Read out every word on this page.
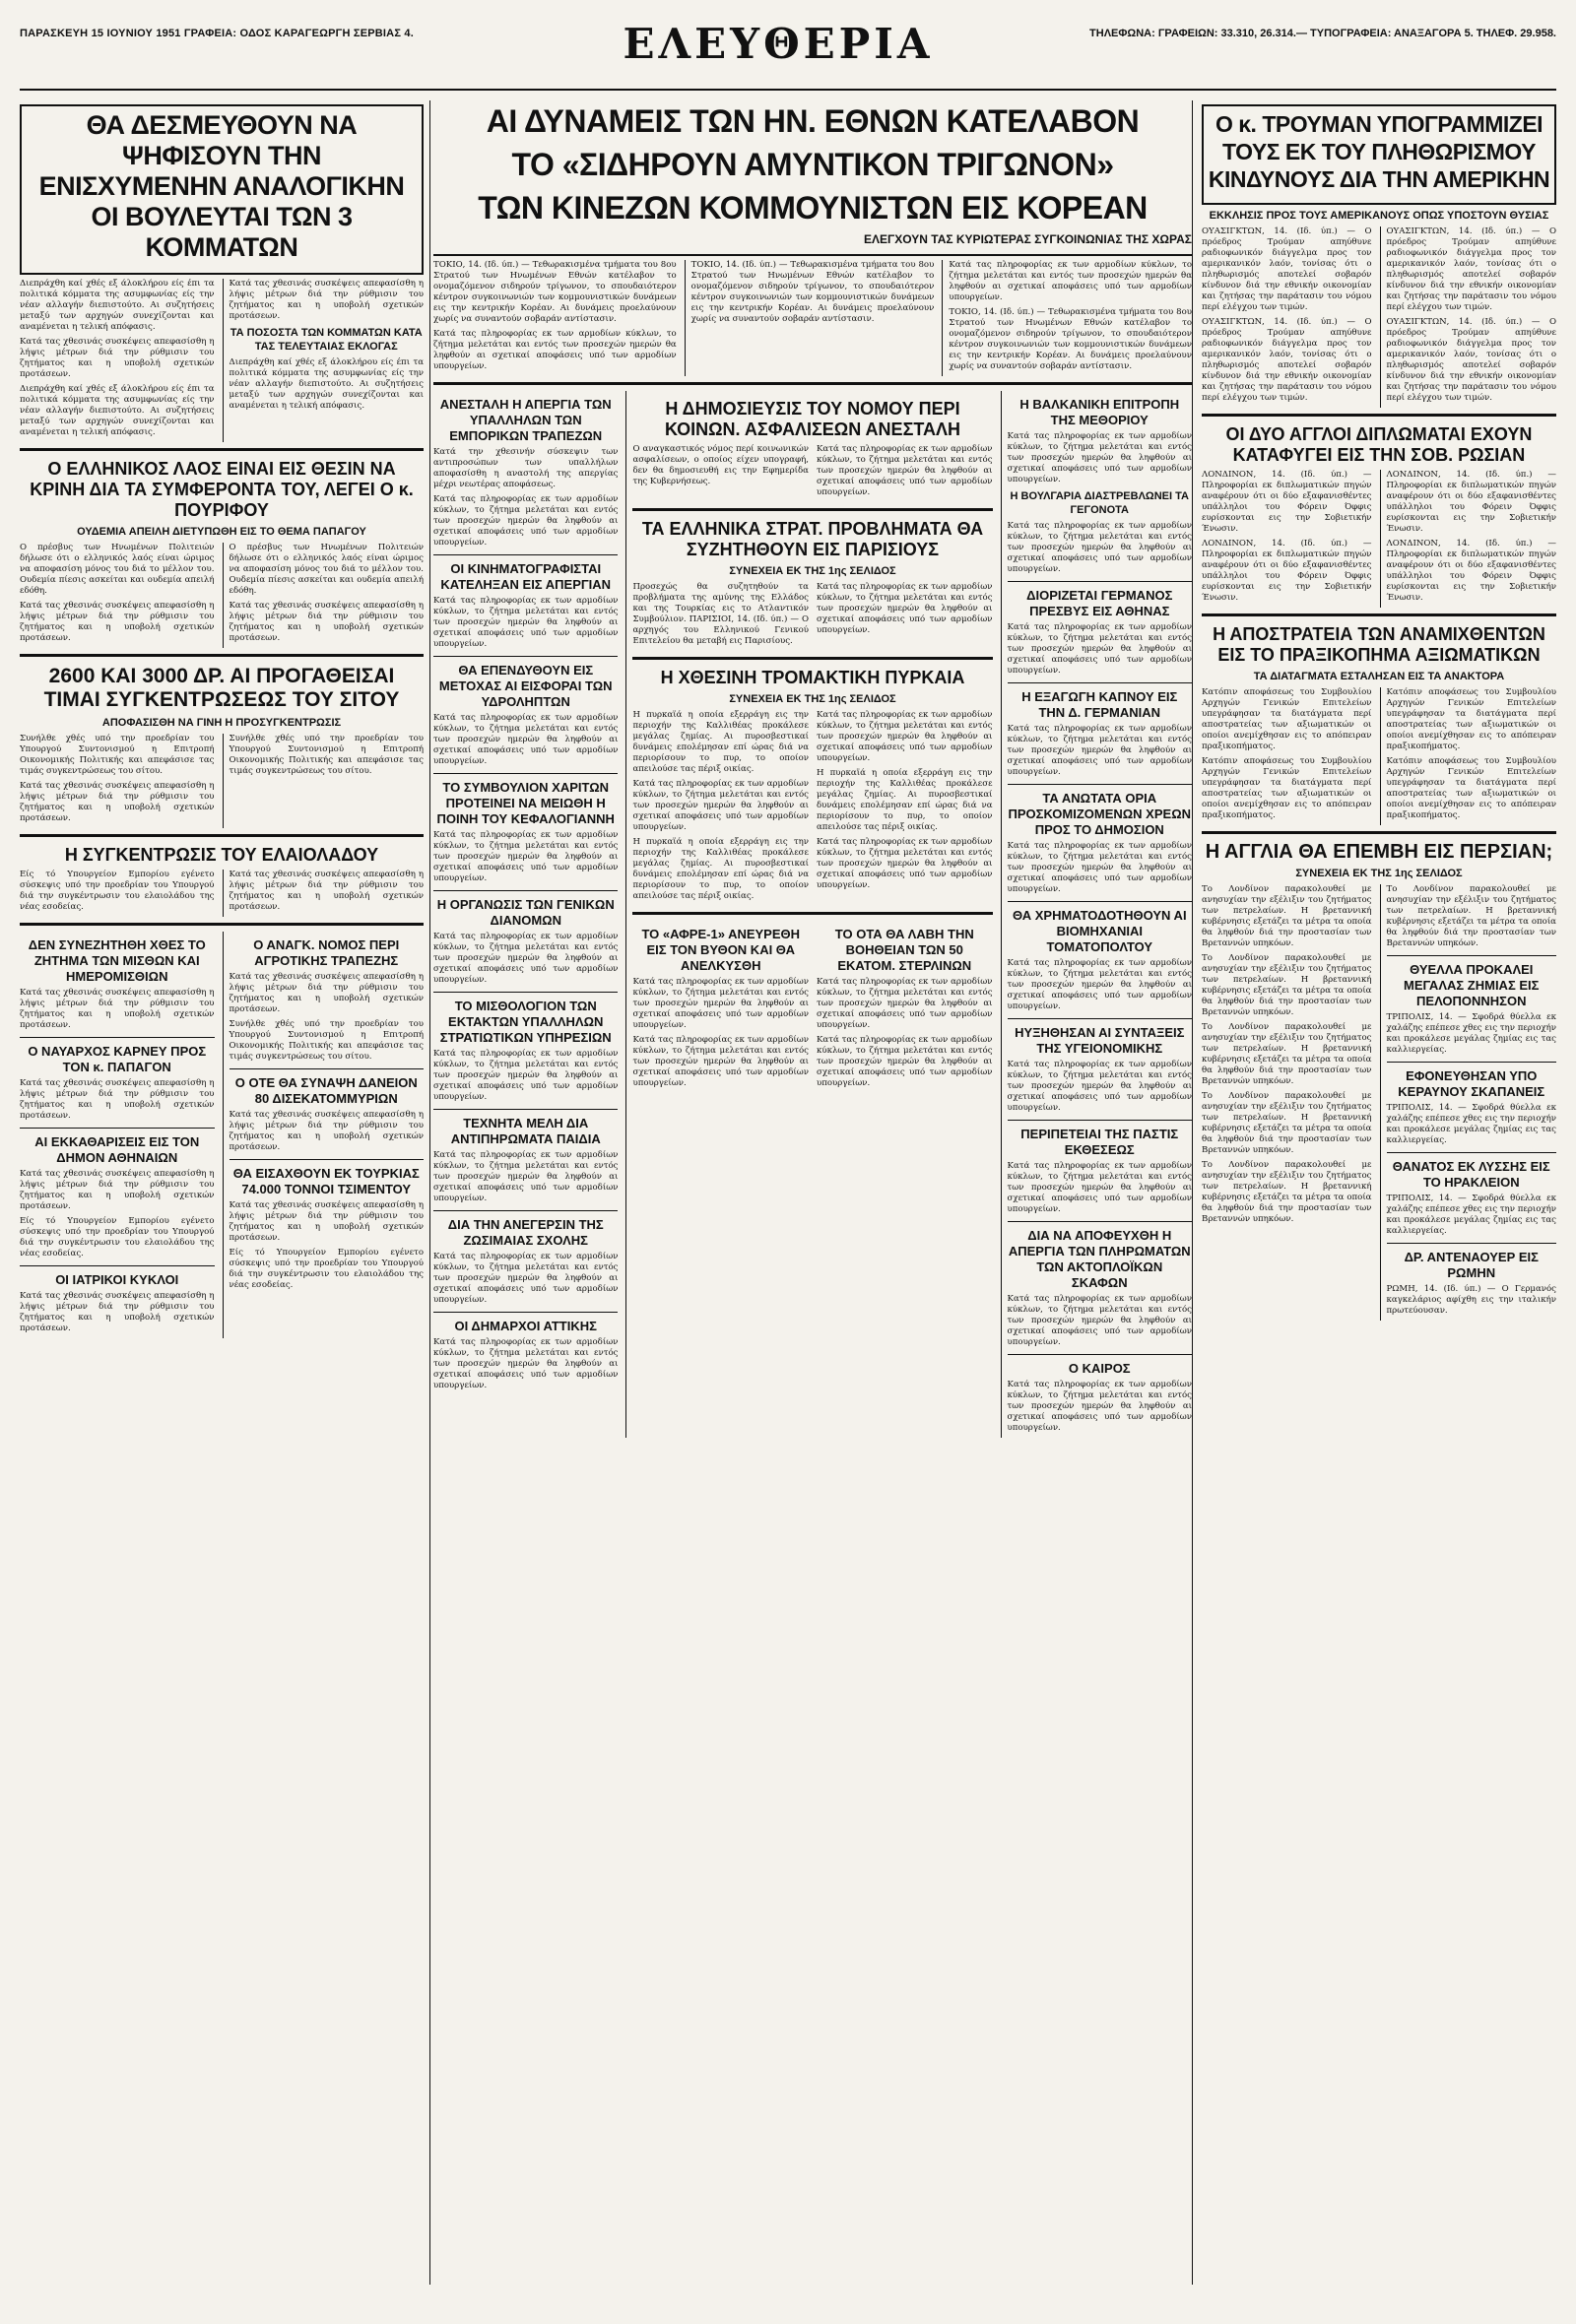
ΠΑΡΑΣΚΕΥΗ 15 ΙΟΥΝΙΟΥ 1951 ΓΡΑΦΕΙΑ: ΟΔΟΣ ΚΑΡΑΓΕΩΡΓΗ ΣΕΡΒΙΑΣ 4.	ΕΛΕΥΘΕΡΙΑ	ΤΗΛΕΦΩΝΑ: ΓΡΑΦΕΙΩΝ: 33.310, 26.314.— ΤΥΠΟΓΡΑΦΕΙΑ: ΑΝΑΞΑΓΟΡΑ 5. ΤΗΛΕΦ. 29.958.
ΘΑ ΔΕΣΜΕΥΘΟΥΝ ΝΑ ΨΗΦΙΣΟΥΝ ΤΗΝ ΕΝΙΣΧΥΜΕΝΗΝ ΑΝΑΛΟΓΙΚΗΝ ΟΙ ΒΟΥΛΕΥΤΑΙ ΤΩΝ 3 ΚΟΜΜΑΤΩΝ

Διεπράχθη καί χθές εξ άλοκλήρου είς έπι τα πολιτικά κόμματα της ασυμφωνίας είς την νέαν αλλαγήν διεπιστούτο. Αι συζητήσεις μεταξύ των αρχηγών συνεχίζονται και αναμένεται η τελική απόφασις.

Κατά τας χθεσινάς συσκέψεις απεφασίσθη η λήψις μέτρων διά την ρύθμισιν του ζητήματος και η υποβολή σχετικών προτάσεων.

Διεπράχθη καί χθές εξ άλοκλήρου είς έπι τα πολιτικά κόμματα της ασυμφωνίας είς την νέαν αλλαγήν διεπιστούτο. Αι συζητήσεις μεταξύ των αρχηγών συνεχίζονται και αναμένεται η τελική απόφασις.

Κατά τας χθεσινάς συσκέψεις απεφασίσθη η λήψις μέτρων διά την ρύθμισιν του ζητήματος και η υποβολή σχετικών προτάσεων.

ΤΑ ΠΟΣΟΣΤΑ ΤΩΝ ΚΟΜΜΑΤΩΝ ΚΑΤΑ ΤΑΣ ΤΕΛΕΥΤΑΙΑΣ ΕΚΛΟΓΑΣ

Διεπράχθη καί χθές εξ άλοκλήρου είς έπι τα πολιτικά κόμματα της ασυμφωνίας είς την νέαν αλλαγήν διεπιστούτο. Αι συζητήσεις μεταξύ των αρχηγών συνεχίζονται και αναμένεται η τελική απόφασις.

Ο ΕΛΛΗΝΙΚΟΣ ΛΑΟΣ ΕΙΝΑΙ ΕΙΣ ΘΕΣΙΝ ΝΑ ΚΡΙΝΗ ΔΙΑ ΤΑ ΣΥΜΦΕΡΟΝΤΑ ΤΟΥ, ΛΕΓΕΙ Ο κ. ΠΟΥΡΙΦΟΥ
ΟΥΔΕΜΙΑ ΑΠΕΙΛΗ ΔΙΕΤΥΠΩΘΗ ΕΙΣ ΤΟ ΘΕΜΑ ΠΑΠΑΓΟΥ

Ο πρέσβυς των Ηνωμένων Πολιτειών δήλωσε ότι ο ελληνικός λαός είναι ώριμος να αποφασίση μόνος του διά το μέλλον του. Ουδεμία πίεσις ασκείται και ουδεμία απειλή εδόθη.

Κατά τας χθεσινάς συσκέψεις απεφασίσθη η λήψις μέτρων διά την ρύθμισιν του ζητήματος και η υποβολή σχετικών προτάσεων.

Ο πρέσβυς των Ηνωμένων Πολιτειών δήλωσε ότι ο ελληνικός λαός είναι ώριμος να αποφασίση μόνος του διά το μέλλον του. Ουδεμία πίεσις ασκείται και ουδεμία απειλή εδόθη.

Κατά τας χθεσινάς συσκέψεις απεφασίσθη η λήψις μέτρων διά την ρύθμισιν του ζητήματος και η υποβολή σχετικών προτάσεων.

2600 ΚΑΙ 3000 ΔΡ. ΑΙ ΠΡΟΓΑΘΕΙΣΑΙ ΤΙΜΑΙ ΣΥΓΚΕΝΤΡΩΣΕΩΣ ΤΟΥ ΣΙΤΟΥ
ΑΠΟΦΑΣΙΣΘΗ ΝΑ ΓΙΝΗ Η ΠΡΟΣΥΓΚΕΝΤΡΩΣΙΣ

Συνήλθε χθές υπό την προεδρίαν του Υπουργού Συντονισμού η Επιτροπή Οικονομικής Πολιτικής και απεφάσισε τας τιμάς συγκεντρώσεως του σίτου.

Κατά τας χθεσινάς συσκέψεις απεφασίσθη η λήψις μέτρων διά την ρύθμισιν του ζητήματος και η υποβολή σχετικών προτάσεων.

Συνήλθε χθές υπό την προεδρίαν του Υπουργού Συντονισμού η Επιτροπή Οικονομικής Πολιτικής και απεφάσισε τας τιμάς συγκεντρώσεως του σίτου.

Η ΣΥΓΚΕΝΤΡΩΣΙΣ ΤΟΥ ΕΛΑΙΟΛΑΔΟΥ

Είς τό Υπουργείον Εμπορίου εγένετο σύσκεψις υπό την προεδρίαν του Υπουργού διά την συγκέντρωσιν του ελαιολάδου της νέας εσοδείας.

Κατά τας χθεσινάς συσκέψεις απεφασίσθη η λήψις μέτρων διά την ρύθμισιν του ζητήματος και η υποβολή σχετικών προτάσεων.

ΔΕΝ ΣΥΝΕΖΗΤΗΘΗ ΧΘΕΣ ΤΟ ΖΗΤΗΜΑ ΤΩΝ ΜΙΣΘΩΝ ΚΑΙ ΗΜΕΡΟΜΙΣΘΙΩΝ

Κατά τας χθεσινάς συσκέψεις απεφασίσθη η λήψις μέτρων διά την ρύθμισιν του ζητήματος και η υποβολή σχετικών προτάσεων.

Ο ΝΑΥΑΡΧΟΣ ΚΑΡΝΕΥ ΠΡΟΣ ΤΟΝ κ. ΠΑΠΑΓΟΝ

Κατά τας χθεσινάς συσκέψεις απεφασίσθη η λήψις μέτρων διά την ρύθμισιν του ζητήματος και η υποβολή σχετικών προτάσεων.

ΑΙ ΕΚΚΑΘΑΡΙΣΕΙΣ ΕΙΣ ΤΟΝ ΔΗΜΟΝ ΑΘΗΝΑΙΩΝ

Κατά τας χθεσινάς συσκέψεις απεφασίσθη η λήψις μέτρων διά την ρύθμισιν του ζητήματος και η υποβολή σχετικών προτάσεων.

Είς τό Υπουργείον Εμπορίου εγένετο σύσκεψις υπό την προεδρίαν του Υπουργού διά την συγκέντρωσιν του ελαιολάδου της νέας εσοδείας.

ΟΙ ΙΑΤΡΙΚΟΙ ΚΥΚΛΟΙ

Κατά τας χθεσινάς συσκέψεις απεφασίσθη η λήψις μέτρων διά την ρύθμισιν του ζητήματος και η υποβολή σχετικών προτάσεων.

Ο ΑΝΑΓΚ. ΝΟΜΟΣ ΠΕΡΙ ΑΓΡΟΤΙΚΗΣ ΤΡΑΠΕΖΗΣ

Κατά τας χθεσινάς συσκέψεις απεφασίσθη η λήψις μέτρων διά την ρύθμισιν του ζητήματος και η υποβολή σχετικών προτάσεων.

Συνήλθε χθές υπό την προεδρίαν του Υπουργού Συντονισμού η Επιτροπή Οικονομικής Πολιτικής και απεφάσισε τας τιμάς συγκεντρώσεως του σίτου.

Ο ΟΤΕ ΘΑ ΣΥΝΑΨΗ ΔΑΝΕΙΟΝ 80 ΔΙΣΕΚΑΤΟΜΜΥΡΙΩΝ

Κατά τας χθεσινάς συσκέψεις απεφασίσθη η λήψις μέτρων διά την ρύθμισιν του ζητήματος και η υποβολή σχετικών προτάσεων.

ΘΑ ΕΙΣΑΧΘΟΥΝ ΕΚ ΤΟΥΡΚΙΑΣ 74.000 ΤΟΝΝΟΙ ΤΣΙΜΕΝΤΟΥ

Κατά τας χθεσινάς συσκέψεις απεφασίσθη η λήψις μέτρων διά την ρύθμισιν του ζητήματος και η υποβολή σχετικών προτάσεων.

Είς τό Υπουργείον Εμπορίου εγένετο σύσκεψις υπό την προεδρίαν του Υπουργού διά την συγκέντρωσιν του ελαιολάδου της νέας εσοδείας.

ΑΙ ΔΥΝΑΜΕΙΣ ΤΩΝ ΗΝ. ΕΘΝΩΝ ΚΑΤΕΛΑΒΟΝ
ΤΟ «ΣΙΔΗΡΟΥΝ ΑΜΥΝΤΙΚΟΝ ΤΡΙΓΩΝΟΝ»
ΤΩΝ ΚΙΝΕΖΩΝ ΚΟΜΜΟΥΝΙΣΤΩΝ ΕΙΣ ΚΟΡΕΑΝ
ΕΛΕΓΧΟΥΝ ΤΑΣ ΚΥΡΙΩΤΕΡΑΣ ΣΥΓΚΟΙΝΩΝΙΑΣ ΤΗΣ ΧΩΡΑΣ

ΤΟΚΙΟ, 14. (Ιδ. ύπ.) — Τεθωρακισμένα τμήματα του 8ου Στρατού των Ηνωμένων Εθνών κατέλαβον το ονομαζόμενον σιδηρούν τρίγωνον, το σπουδαιότερον κέντρον συγκοινωνιών των κομμουνιστικών δυνάμεων εις την κεντρικήν Κορέαν. Αι δυνάμεις προελαύνουν χωρίς να συναντούν σοβαράν αντίστασιν.

Κατά τας πληροφορίας εκ των αρμοδίων κύκλων, το ζήτημα μελετάται και εντός των προσεχών ημερών θα ληφθούν αι σχετικαί αποφάσεις υπό των αρμοδίων υπουργείων.

ΤΟΚΙΟ, 14. (Ιδ. ύπ.) — Τεθωρακισμένα τμήματα του 8ου Στρατού των Ηνωμένων Εθνών κατέλαβον το ονομαζόμενον σιδηρούν τρίγωνον, το σπουδαιότερον κέντρον συγκοινωνιών των κομμουνιστικών δυνάμεων εις την κεντρικήν Κορέαν. Αι δυνάμεις προελαύνουν χωρίς να συναντούν σοβαράν αντίστασιν.

Κατά τας πληροφορίας εκ των αρμοδίων κύκλων, το ζήτημα μελετάται και εντός των προσεχών ημερών θα ληφθούν αι σχετικαί αποφάσεις υπό των αρμοδίων υπουργείων.

ΤΟΚΙΟ, 14. (Ιδ. ύπ.) — Τεθωρακισμένα τμήματα του 8ου Στρατού των Ηνωμένων Εθνών κατέλαβον το ονομαζόμενον σιδηρούν τρίγωνον, το σπουδαιότερον κέντρον συγκοινωνιών των κομμουνιστικών δυνάμεων εις την κεντρικήν Κορέαν. Αι δυνάμεις προελαύνουν χωρίς να συναντούν σοβαράν αντίστασιν.

ΑΝΕΣΤΑΛΗ Η ΑΠΕΡΓΙΑ ΤΩΝ ΥΠΑΛΛΗΛΩΝ ΤΩΝ ΕΜΠΟΡΙΚΩΝ ΤΡΑΠΕΖΩΝ

Κατά την χθεσινήν σύσκεψιν των αντιπροσώπων των υπαλλήλων αποφασίσθη η αναστολή της απεργίας μέχρι νεωτέρας αποφάσεως.

Κατά τας πληροφορίας εκ των αρμοδίων κύκλων, το ζήτημα μελετάται και εντός των προσεχών ημερών θα ληφθούν αι σχετικαί αποφάσεις υπό των αρμοδίων υπουργείων.

ΟΙ ΚΙΝΗΜΑΤΟΓΡΑΦΙΣΤΑΙ ΚΑΤΕΛΗΞΑΝ ΕΙΣ ΑΠΕΡΓΙΑΝ

Κατά τας πληροφορίας εκ των αρμοδίων κύκλων, το ζήτημα μελετάται και εντός των προσεχών ημερών θα ληφθούν αι σχετικαί αποφάσεις υπό των αρμοδίων υπουργείων.

ΘΑ ΕΠΕΝΔΥΘΟΥΝ ΕΙΣ ΜΕΤΟΧΑΣ ΑΙ ΕΙΣΦΟΡΑΙ ΤΩΝ ΥΔΡΟΛΗΠΤΩΝ

Κατά τας πληροφορίας εκ των αρμοδίων κύκλων, το ζήτημα μελετάται και εντός των προσεχών ημερών θα ληφθούν αι σχετικαί αποφάσεις υπό των αρμοδίων υπουργείων.

ΤΟ ΣΥΜΒΟΥΛΙΟΝ ΧΑΡΙΤΩΝ ΠΡΟΤΕΙΝΕΙ ΝΑ ΜΕΙΩΘΗ Η ΠΟΙΝΗ ΤΟΥ ΚΕΦΑΛΟΓΙΑΝΝΗ

Κατά τας πληροφορίας εκ των αρμοδίων κύκλων, το ζήτημα μελετάται και εντός των προσεχών ημερών θα ληφθούν αι σχετικαί αποφάσεις υπό των αρμοδίων υπουργείων.

Η ΟΡΓΑΝΩΣΙΣ ΤΩΝ ΓΕΝΙΚΩΝ ΔΙΑΝΟΜΩΝ

Κατά τας πληροφορίας εκ των αρμοδίων κύκλων, το ζήτημα μελετάται και εντός των προσεχών ημερών θα ληφθούν αι σχετικαί αποφάσεις υπό των αρμοδίων υπουργείων.

ΤΟ ΜΙΣΘΟΛΟΓΙΟΝ ΤΩΝ ΕΚΤΑΚΤΩΝ ΥΠΑΛΛΗΛΩΝ ΣΤΡΑΤΙΩΤΙΚΩΝ ΥΠΗΡΕΣΙΩΝ

Κατά τας πληροφορίας εκ των αρμοδίων κύκλων, το ζήτημα μελετάται και εντός των προσεχών ημερών θα ληφθούν αι σχετικαί αποφάσεις υπό των αρμοδίων υπουργείων.

ΤΕΧΝΗΤΑ ΜΕΛΗ ΔΙΑ ΑΝΤΙΠΗΡΩΜΑΤΑ ΠΑΙΔΙΑ

Κατά τας πληροφορίας εκ των αρμοδίων κύκλων, το ζήτημα μελετάται και εντός των προσεχών ημερών θα ληφθούν αι σχετικαί αποφάσεις υπό των αρμοδίων υπουργείων.

ΔΙΑ ΤΗΝ ΑΝΕΓΕΡΣΙΝ ΤΗΣ ΖΩΣΙΜΑΙΑΣ ΣΧΟΛΗΣ

Κατά τας πληροφορίας εκ των αρμοδίων κύκλων, το ζήτημα μελετάται και εντός των προσεχών ημερών θα ληφθούν αι σχετικαί αποφάσεις υπό των αρμοδίων υπουργείων.

ΟΙ ΔΗΜΑΡΧΟΙ ΑΤΤΙΚΗΣ

Κατά τας πληροφορίας εκ των αρμοδίων κύκλων, το ζήτημα μελετάται και εντός των προσεχών ημερών θα ληφθούν αι σχετικαί αποφάσεις υπό των αρμοδίων υπουργείων.

Η ΔΗΜΟΣΙΕΥΣΙΣ ΤΟΥ ΝΟΜΟΥ ΠΕΡΙ ΚΟΙΝΩΝ. ΑΣΦΑΛΙΣΕΩΝ ΑΝΕΣΤΑΛΗ

Ο αναγκαστικός νόμος περί κοινωνικών ασφαλίσεων, ο οποίος είχεν υπογραφή, δεν θα δημοσιευθή εις την Εφημερίδα της Κυβερνήσεως.

Κατά τας πληροφορίας εκ των αρμοδίων κύκλων, το ζήτημα μελετάται και εντός των προσεχών ημερών θα ληφθούν αι σχετικαί αποφάσεις υπό των αρμοδίων υπουργείων.

ΤΑ ΕΛΛΗΝΙΚΑ ΣΤΡΑΤ. ΠΡΟΒΛΗΜΑΤΑ ΘΑ ΣΥΖΗΤΗΘΟΥΝ ΕΙΣ ΠΑΡΙΣΙΟΥΣ
ΣΥΝΕΧΕΙΑ ΕΚ ΤΗΣ 1ης ΣΕΛΙΔΟΣ

Προσεχώς θα συζητηθούν τα προβλήματα της αμύνης της Ελλάδος και της Τουρκίας εις το Ατλαντικόν Συμβούλιον. ΠΑΡΙΣΙΟΙ, 14. (Ιδ. ύπ.) — Ο αρχηγός του Ελληνικού Γενικού Επιτελείου θα μεταβή εις Παρισίους.

Κατά τας πληροφορίας εκ των αρμοδίων κύκλων, το ζήτημα μελετάται και εντός των προσεχών ημερών θα ληφθούν αι σχετικαί αποφάσεις υπό των αρμοδίων υπουργείων.

Η ΧΘΕΣΙΝΗ ΤΡΟΜΑΚΤΙΚΗ ΠΥΡΚΑΙΑ
ΣΥΝΕΧΕΙΑ ΕΚ ΤΗΣ 1ης ΣΕΛΙΔΟΣ

Η πυρκαϊά η οποία εξερράγη εις την περιοχήν της Καλλιθέας προκάλεσε μεγάλας ζημίας. Αι πυροσβεστικαί δυνάμεις επολέμησαν επί ώρας διά να περιορίσουν το πυρ, το οποίον απειλούσε τας πέριξ οικίας.

Κατά τας πληροφορίας εκ των αρμοδίων κύκλων, το ζήτημα μελετάται και εντός των προσεχών ημερών θα ληφθούν αι σχετικαί αποφάσεις υπό των αρμοδίων υπουργείων.

Η πυρκαϊά η οποία εξερράγη εις την περιοχήν της Καλλιθέας προκάλεσε μεγάλας ζημίας. Αι πυροσβεστικαί δυνάμεις επολέμησαν επί ώρας διά να περιορίσουν το πυρ, το οποίον απειλούσε τας πέριξ οικίας.

Κατά τας πληροφορίας εκ των αρμοδίων κύκλων, το ζήτημα μελετάται και εντός των προσεχών ημερών θα ληφθούν αι σχετικαί αποφάσεις υπό των αρμοδίων υπουργείων.

Η πυρκαϊά η οποία εξερράγη εις την περιοχήν της Καλλιθέας προκάλεσε μεγάλας ζημίας. Αι πυροσβεστικαί δυνάμεις επολέμησαν επί ώρας διά να περιορίσουν το πυρ, το οποίον απειλούσε τας πέριξ οικίας.

Κατά τας πληροφορίας εκ των αρμοδίων κύκλων, το ζήτημα μελετάται και εντός των προσεχών ημερών θα ληφθούν αι σχετικαί αποφάσεις υπό των αρμοδίων υπουργείων.

ΤΟ «ΑΦΡΕ-1» ΑΝΕΥΡΕΘΗ ΕΙΣ ΤΟΝ ΒΥΘΟΝ ΚΑΙ ΘΑ ΑΝΕΛΚΥΣΘΗ

Κατά τας πληροφορίας εκ των αρμοδίων κύκλων, το ζήτημα μελετάται και εντός των προσεχών ημερών θα ληφθούν αι σχετικαί αποφάσεις υπό των αρμοδίων υπουργείων.

Κατά τας πληροφορίας εκ των αρμοδίων κύκλων, το ζήτημα μελετάται και εντός των προσεχών ημερών θα ληφθούν αι σχετικαί αποφάσεις υπό των αρμοδίων υπουργείων.

ΤΟ ΟΤΑ ΘΑ ΛΑΒΗ ΤΗΝ ΒΟΗΘΕΙΑΝ ΤΩΝ 50 ΕΚΑΤΟΜ. ΣΤΕΡΛΙΝΩΝ

Κατά τας πληροφορίας εκ των αρμοδίων κύκλων, το ζήτημα μελετάται και εντός των προσεχών ημερών θα ληφθούν αι σχετικαί αποφάσεις υπό των αρμοδίων υπουργείων.

Κατά τας πληροφορίας εκ των αρμοδίων κύκλων, το ζήτημα μελετάται και εντός των προσεχών ημερών θα ληφθούν αι σχετικαί αποφάσεις υπό των αρμοδίων υπουργείων.

Η ΒΑΛΚΑΝΙΚΗ ΕΠΙΤΡΟΠΗ ΤΗΣ ΜΕΘΟΡΙΟΥ

Κατά τας πληροφορίας εκ των αρμοδίων κύκλων, το ζήτημα μελετάται και εντός των προσεχών ημερών θα ληφθούν αι σχετικαί αποφάσεις υπό των αρμοδίων υπουργείων.

Η ΒΟΥΛΓΑΡΙΑ ΔΙΑΣΤΡΕΒΛΩΝΕΙ ΤΑ ΓΕΓΟΝΟΤΑ

Κατά τας πληροφορίας εκ των αρμοδίων κύκλων, το ζήτημα μελετάται και εντός των προσεχών ημερών θα ληφθούν αι σχετικαί αποφάσεις υπό των αρμοδίων υπουργείων.

ΔΙΟΡΙΖΕΤΑΙ ΓΕΡΜΑΝΟΣ ΠΡΕΣΒΥΣ ΕΙΣ ΑΘΗΝΑΣ

Κατά τας πληροφορίας εκ των αρμοδίων κύκλων, το ζήτημα μελετάται και εντός των προσεχών ημερών θα ληφθούν αι σχετικαί αποφάσεις υπό των αρμοδίων υπουργείων.

Η ΕΞΑΓΩΓΗ ΚΑΠΝΟΥ ΕΙΣ ΤΗΝ Δ. ΓΕΡΜΑΝΙΑΝ

Κατά τας πληροφορίας εκ των αρμοδίων κύκλων, το ζήτημα μελετάται και εντός των προσεχών ημερών θα ληφθούν αι σχετικαί αποφάσεις υπό των αρμοδίων υπουργείων.

ΤΑ ΑΝΩΤΑΤΑ ΟΡΙΑ ΠΡΟΣΚΟΜΙΖΟΜΕΝΩΝ ΧΡΕΩΝ ΠΡΟΣ ΤΟ ΔΗΜΟΣΙΟΝ

Κατά τας πληροφορίας εκ των αρμοδίων κύκλων, το ζήτημα μελετάται και εντός των προσεχών ημερών θα ληφθούν αι σχετικαί αποφάσεις υπό των αρμοδίων υπουργείων.

ΘΑ ΧΡΗΜΑΤΟΔΟΤΗΘΟΥΝ ΑΙ ΒΙΟΜΗΧΑΝΙΑΙ ΤΟΜΑΤΟΠΟΛΤΟΥ

Κατά τας πληροφορίας εκ των αρμοδίων κύκλων, το ζήτημα μελετάται και εντός των προσεχών ημερών θα ληφθούν αι σχετικαί αποφάσεις υπό των αρμοδίων υπουργείων.

ΗΥΞΗΘΗΣΑΝ ΑΙ ΣΥΝΤΑΞΕΙΣ ΤΗΣ ΥΓΕΙΟΝΟΜΙΚΗΣ

Κατά τας πληροφορίας εκ των αρμοδίων κύκλων, το ζήτημα μελετάται και εντός των προσεχών ημερών θα ληφθούν αι σχετικαί αποφάσεις υπό των αρμοδίων υπουργείων.

ΠΕΡΙΠΕΤΕΙΑΙ ΤΗΣ ΠΑΣΤΙΣ ΕΚΘΕΣΕΩΣ

Κατά τας πληροφορίας εκ των αρμοδίων κύκλων, το ζήτημα μελετάται και εντός των προσεχών ημερών θα ληφθούν αι σχετικαί αποφάσεις υπό των αρμοδίων υπουργείων.

ΔΙΑ ΝΑ ΑΠΟΦΕΥΧΘΗ Η ΑΠΕΡΓΙΑ ΤΩΝ ΠΛΗΡΩΜΑΤΩΝ ΤΩΝ ΑΚΤΟΠΛΟΪΚΩΝ ΣΚΑΦΩΝ

Κατά τας πληροφορίας εκ των αρμοδίων κύκλων, το ζήτημα μελετάται και εντός των προσεχών ημερών θα ληφθούν αι σχετικαί αποφάσεις υπό των αρμοδίων υπουργείων.

Ο ΚΑΙΡΟΣ

Κατά τας πληροφορίας εκ των αρμοδίων κύκλων, το ζήτημα μελετάται και εντός των προσεχών ημερών θα ληφθούν αι σχετικαί αποφάσεις υπό των αρμοδίων υπουργείων.

Ο κ. ΤΡΟΥΜΑΝ ΥΠΟΓΡΑΜΜΙΖΕΙ ΤΟΥΣ ΕΚ ΤΟΥ ΠΛΗΘΩΡΙΣΜΟΥ ΚΙΝΔΥΝΟΥΣ ΔΙΑ ΤΗΝ ΑΜΕΡΙΚΗΝ
ΕΚΚΛΗΣΙΣ ΠΡΟΣ ΤΟΥΣ ΑΜΕΡΙΚΑΝΟΥΣ ΟΠΩΣ ΥΠΟΣΤΟΥΝ ΘΥΣΙΑΣ

ΟΥΑΣΙΓΚΤΩΝ, 14. (Ιδ. ύπ.) — Ο πρόεδρος Τρούμαν απηύθυνε ραδιοφωνικόν διάγγελμα προς τον αμερικανικόν λαόν, τονίσας ότι ο πληθωρισμός αποτελεί σοβαρόν κίνδυνον διά την εθνικήν οικονομίαν και ζητήσας την παράτασιν του νόμου περί ελέγχου των τιμών.

ΟΥΑΣΙΓΚΤΩΝ, 14. (Ιδ. ύπ.) — Ο πρόεδρος Τρούμαν απηύθυνε ραδιοφωνικόν διάγγελμα προς τον αμερικανικόν λαόν, τονίσας ότι ο πληθωρισμός αποτελεί σοβαρόν κίνδυνον διά την εθνικήν οικονομίαν και ζητήσας την παράτασιν του νόμου περί ελέγχου των τιμών.

ΟΥΑΣΙΓΚΤΩΝ, 14. (Ιδ. ύπ.) — Ο πρόεδρος Τρούμαν απηύθυνε ραδιοφωνικόν διάγγελμα προς τον αμερικανικόν λαόν, τονίσας ότι ο πληθωρισμός αποτελεί σοβαρόν κίνδυνον διά την εθνικήν οικονομίαν και ζητήσας την παράτασιν του νόμου περί ελέγχου των τιμών.

ΟΥΑΣΙΓΚΤΩΝ, 14. (Ιδ. ύπ.) — Ο πρόεδρος Τρούμαν απηύθυνε ραδιοφωνικόν διάγγελμα προς τον αμερικανικόν λαόν, τονίσας ότι ο πληθωρισμός αποτελεί σοβαρόν κίνδυνον διά την εθνικήν οικονομίαν και ζητήσας την παράτασιν του νόμου περί ελέγχου των τιμών.

ΟΙ ΔΥΟ ΑΓΓΛΟΙ ΔΙΠΛΩΜΑΤΑΙ ΕΧΟΥΝ ΚΑΤΑΦΥΓΕΙ ΕΙΣ ΤΗΝ ΣΟΒ. ΡΩΣΙΑΝ

ΛΟΝΔΙΝΟΝ, 14. (Ιδ. ύπ.) — Πληροφορίαι εκ διπλωματικών πηγών αναφέρουν ότι οι δύο εξαφανισθέντες υπάλληλοι του Φόρειν Όφφις ευρίσκονται εις την Σοβιετικήν Ένωσιν.

ΛΟΝΔΙΝΟΝ, 14. (Ιδ. ύπ.) — Πληροφορίαι εκ διπλωματικών πηγών αναφέρουν ότι οι δύο εξαφανισθέντες υπάλληλοι του Φόρειν Όφφις ευρίσκονται εις την Σοβιετικήν Ένωσιν.

ΛΟΝΔΙΝΟΝ, 14. (Ιδ. ύπ.) — Πληροφορίαι εκ διπλωματικών πηγών αναφέρουν ότι οι δύο εξαφανισθέντες υπάλληλοι του Φόρειν Όφφις ευρίσκονται εις την Σοβιετικήν Ένωσιν.

ΛΟΝΔΙΝΟΝ, 14. (Ιδ. ύπ.) — Πληροφορίαι εκ διπλωματικών πηγών αναφέρουν ότι οι δύο εξαφανισθέντες υπάλληλοι του Φόρειν Όφφις ευρίσκονται εις την Σοβιετικήν Ένωσιν.

Η ΑΠΟΣΤΡΑΤΕΙΑ ΤΩΝ ΑΝΑΜΙΧΘΕΝΤΩΝ ΕΙΣ ΤΟ ΠΡΑΞΙΚΟΠΗΜΑ ΑΞΙΩΜΑΤΙΚΩΝ
ΤΑ ΔΙΑΤΑΓΜΑΤΑ ΕΣΤΑΛΗΣΑΝ ΕΙΣ ΤΑ ΑΝΑΚΤΟΡΑ

Κατόπιν αποφάσεως του Συμβουλίου Αρχηγών Γενικών Επιτελείων υπεγράφησαν τα διατάγματα περί αποστρατείας των αξιωματικών οι οποίοι ανεμίχθησαν εις το απόπειραν πραξικοπήματος.

Κατόπιν αποφάσεως του Συμβουλίου Αρχηγών Γενικών Επιτελείων υπεγράφησαν τα διατάγματα περί αποστρατείας των αξιωματικών οι οποίοι ανεμίχθησαν εις το απόπειραν πραξικοπήματος.

Κατόπιν αποφάσεως του Συμβουλίου Αρχηγών Γενικών Επιτελείων υπεγράφησαν τα διατάγματα περί αποστρατείας των αξιωματικών οι οποίοι ανεμίχθησαν εις το απόπειραν πραξικοπήματος.

Κατόπιν αποφάσεως του Συμβουλίου Αρχηγών Γενικών Επιτελείων υπεγράφησαν τα διατάγματα περί αποστρατείας των αξιωματικών οι οποίοι ανεμίχθησαν εις το απόπειραν πραξικοπήματος.

Η ΑΓΓΛΙΑ ΘΑ ΕΠΕΜΒΗ ΕΙΣ ΠΕΡΣΙΑΝ;
ΣΥΝΕΧΕΙΑ ΕΚ ΤΗΣ 1ης ΣΕΛΙΔΟΣ

Το Λονδίνον παρακολουθεί με ανησυχίαν την εξέλιξιν του ζητήματος των πετρελαίων. Η βρεταννική κυβέρνησις εξετάζει τα μέτρα τα οποία θα ληφθούν διά την προστασίαν των Βρεταννών υπηκόων.

Το Λονδίνον παρακολουθεί με ανησυχίαν την εξέλιξιν του ζητήματος των πετρελαίων. Η βρεταννική κυβέρνησις εξετάζει τα μέτρα τα οποία θα ληφθούν διά την προστασίαν των Βρεταννών υπηκόων.

Το Λονδίνον παρακολουθεί με ανησυχίαν την εξέλιξιν του ζητήματος των πετρελαίων. Η βρεταννική κυβέρνησις εξετάζει τα μέτρα τα οποία θα ληφθούν διά την προστασίαν των Βρεταννών υπηκόων.

Το Λονδίνον παρακολουθεί με ανησυχίαν την εξέλιξιν του ζητήματος των πετρελαίων. Η βρεταννική κυβέρνησις εξετάζει τα μέτρα τα οποία θα ληφθούν διά την προστασίαν των Βρεταννών υπηκόων.

Το Λονδίνον παρακολουθεί με ανησυχίαν την εξέλιξιν του ζητήματος των πετρελαίων. Η βρεταννική κυβέρνησις εξετάζει τα μέτρα τα οποία θα ληφθούν διά την προστασίαν των Βρεταννών υπηκόων.

Το Λονδίνον παρακολουθεί με ανησυχίαν την εξέλιξιν του ζητήματος των πετρελαίων. Η βρεταννική κυβέρνησις εξετάζει τα μέτρα τα οποία θα ληφθούν διά την προστασίαν των Βρεταννών υπηκόων.

ΘΥΕΛΛΑ ΠΡΟΚΑΛΕΙ ΜΕΓΑΛΑΣ ΖΗΜΙΑΣ ΕΙΣ ΠΕΛΟΠΟΝΝΗΣΟΝ

ΤΡΙΠΟΛΙΣ, 14. — Σφοδρά θύελλα εκ χαλάζης επέπεσε χθες εις την περιοχήν και προκάλεσε μεγάλας ζημίας εις τας καλλιεργείας.

ΕΦΟΝΕΥΘΗΣΑΝ ΥΠΟ ΚΕΡΑΥΝΟΥ ΣΚΑΠΑΝΕΙΣ

ΤΡΙΠΟΛΙΣ, 14. — Σφοδρά θύελλα εκ χαλάζης επέπεσε χθες εις την περιοχήν και προκάλεσε μεγάλας ζημίας εις τας καλλιεργείας.

ΘΑΝΑΤΟΣ ΕΚ ΛΥΣΣΗΣ ΕΙΣ ΤΟ ΗΡΑΚΛΕΙΟΝ

ΤΡΙΠΟΛΙΣ, 14. — Σφοδρά θύελλα εκ χαλάζης επέπεσε χθες εις την περιοχήν και προκάλεσε μεγάλας ζημίας εις τας καλλιεργείας.

ΔΡ. ΑΝΤΕΝΑΟΥΕΡ ΕΙΣ ΡΩΜΗΝ

ΡΩΜΗ, 14. (Ιδ. ύπ.) — Ο Γερμανός καγκελάριος αφίχθη εις την ιταλικήν πρωτεύουσαν.
